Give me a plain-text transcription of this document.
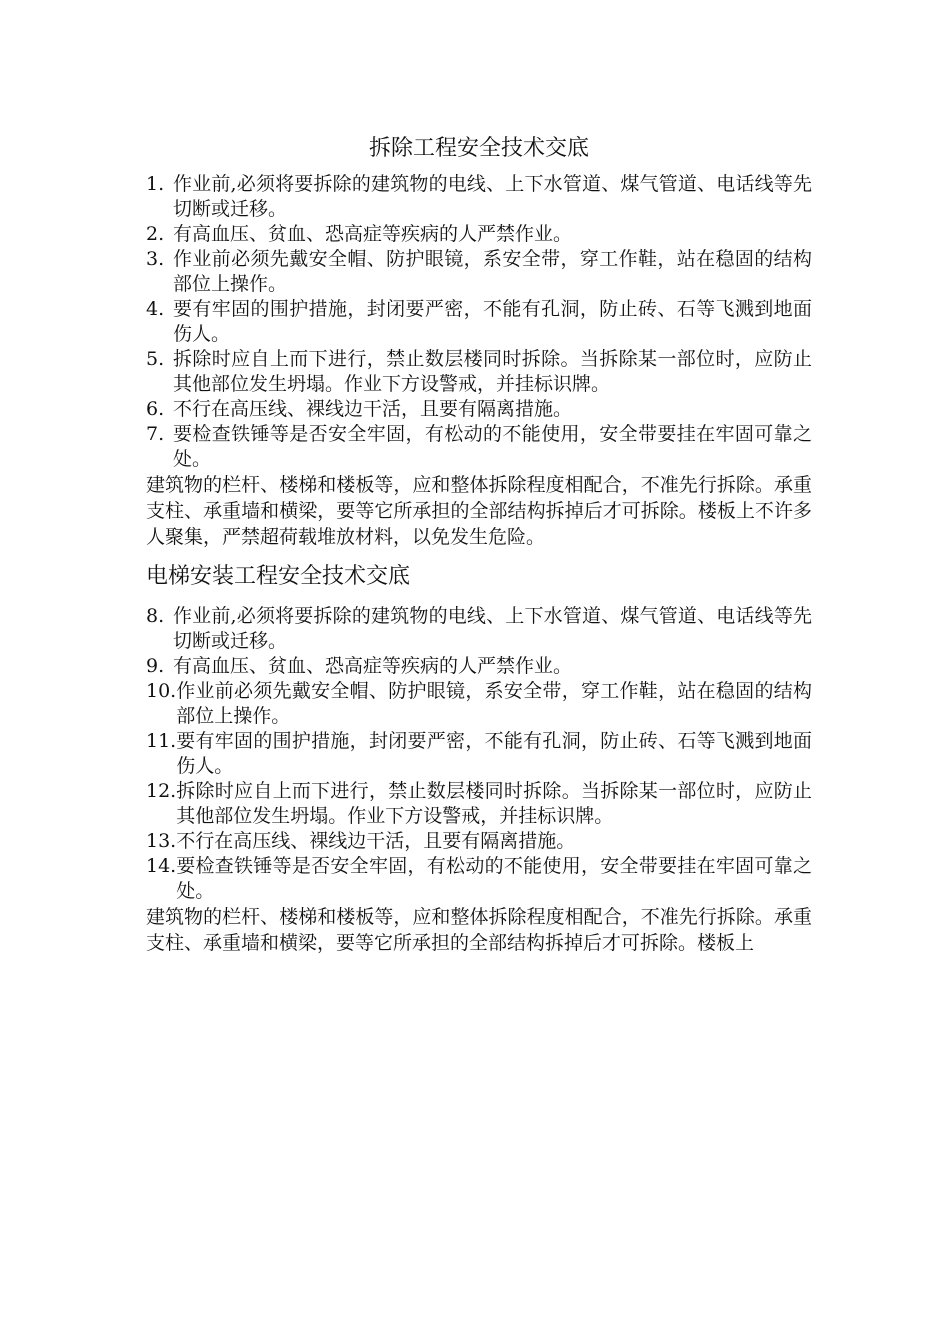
拆除工程安全技术交底
1. 作业前,必须将要拆除的建筑物的电线、上下水管道、煤气管道、电话线等先切断或迁移。
2. 有高血压、贫血、恐高症等疾病的人严禁作业。
3. 作业前必须先戴安全帽、防护眼镜，系安全带，穿工作鞋，站在稳固的结构部位上操作。
4. 要有牢固的围护措施，封闭要严密，不能有孔洞，防止砖、石等飞溅到地面伤人。
5. 拆除时应自上而下进行，禁止数层楼同时拆除。当拆除某一部位时，应防止其他部位发生坍塌。作业下方设警戒，并挂标识牌。
6. 不行在高压线、裸线边干活，且要有隔离措施。
7. 要检查铁锤等是否安全牢固，有松动的不能使用，安全带要挂在牢固可靠之处。

建筑物的栏杆、楼梯和楼板等，应和整体拆除程度相配合，不准先行拆除。承重支柱、承重墙和横梁，要等它所承担的全部结构拆掉后才可拆除。楼板上不许多人聚集，严禁超荷载堆放材料，以免发生危险。

电梯安装工程安全技术交底
8. 作业前,必须将要拆除的建筑物的电线、上下水管道、煤气管道、电话线等先切断或迁移。
9. 有高血压、贫血、恐高症等疾病的人严禁作业。
10. 作业前必须先戴安全帽、防护眼镜，系安全带，穿工作鞋，站在稳固的结构部位上操作。
11. 要有牢固的围护措施，封闭要严密，不能有孔洞，防止砖、石等飞溅到地面伤人。
12. 拆除时应自上而下进行，禁止数层楼同时拆除。当拆除某一部位时，应防止其他部位发生坍塌。作业下方设警戒，并挂标识牌。
13. 不行在高压线、裸线边干活，且要有隔离措施。
14. 要检查铁锤等是否安全牢固，有松动的不能使用，安全带要挂在牢固可靠之处。

建筑物的栏杆、楼梯和楼板等，应和整体拆除程度相配合，不准先行拆除。承重支柱、承重墙和横梁，要等它所承担的全部结构拆掉后才可拆除。楼板上
